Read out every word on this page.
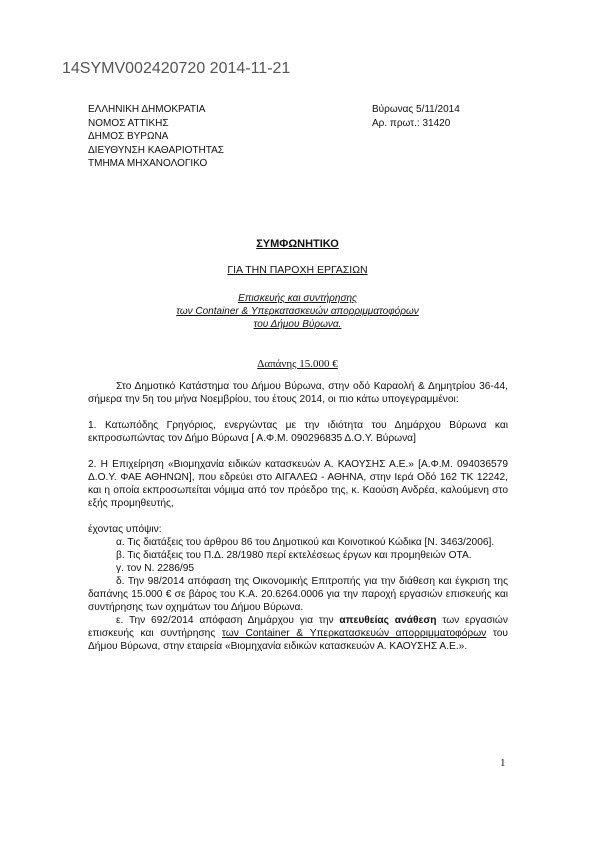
14SYMV002420720 2014-11-21
ΕΛΛΗΝΙΚΗ ΔΗΜΟΚΡΑΤΙΑ
ΝΟΜΟΣ ΑΤΤΙΚΗΣ
ΔΗΜΟΣ ΒΥΡΩΝΑ
ΔΙΕΥΘΥΝΣΗ ΚΑΘΑΡΙΟΤΗΤΑΣ
ΤΜΗΜΑ ΜΗΧΑΝΟΛΟΓΙΚΟ
Βύρωνας 5/11/2014
Αρ. πρωτ.: 31420
ΣΥΜΦΩΝΗΤΙΚΟ
ΓΙΑ ΤΗΝ ΠΑΡΟΧΗ ΕΡΓΑΣΙΩΝ
Επισκευής και συντήρησης
των Container & Υπερκατασκευών απορριμματοφόρων
του Δήμου Βύρωνα.
Δαπάνης 15.000 €

Στο Δημοτικό Κατάστημα του Δήμου Βύρωνα, στην οδό Καραολή & Δημητρίου 36-44, σήμερα την 5η του μήνα Νοεμβρίου, του έτους 2014, οι πιο κάτω υπογεγραμμένοι:

1. Κατωπόδης Γρηγόριος, ενεργώντας με την ιδιότητα του Δημάρχου Βύρωνα και εκπροσωπώντας τον Δήμο Βύρωνα [ Α.Φ.Μ. 090296835 Δ.Ο.Υ. Βύρωνα]

2. Η Επιχείρηση «Βιομηχανία ειδικών κατασκευών Α. ΚΑΟΥΣΗΣ Α.Ε.» [Α.Φ.Μ. 094036579 Δ.Ο.Υ. ΦΑΕ ΑΘΗΝΩΝ], που εδρεύει στο ΑΙΓΑΛΕΩ - ΑΘΗΝΑ, στην Ιερά Οδό 162 ΤΚ 12242, και η οποία εκπροσωπείται νόμιμα από τον πρόεδρο της, κ. Καούση Ανδρέα, καλούμενη στο εξής προμηθευτής,

έχοντας υπόψιν:

α. Τις διατάξεις του άρθρου 86 του Δημοτικού και Κοινοτικού Κώδικα [Ν. 3463/2006].

β. Τις διατάξεις του Π.Δ. 28/1980 περί εκτελέσεως έργων και προμηθειών ΟΤΑ.

γ. τον Ν. 2286/95

δ. Την 98/2014 απόφαση της Οικονομικής Επιτροπής για την διάθεση και έγκριση της δαπάνης 15.000 € σε βάρος του Κ.Α. 20.6264.0006 για την παροχή εργασιών επισκευής και συντήρησης των οχημάτων του Δήμου Βύρωνα.

ε. Την 692/2014 απόφαση Δημάρχου για την απευθείας ανάθεση των εργασιών επισκευής και συντήρησης των Container & Υπερκατασκευών απορριμματοφόρων του Δήμου Βύρωνα, στην εταιρεία «Βιομηχανία ειδικών κατασκευών Α. ΚΑΟΥΣΗΣ Α.Ε.».

1
